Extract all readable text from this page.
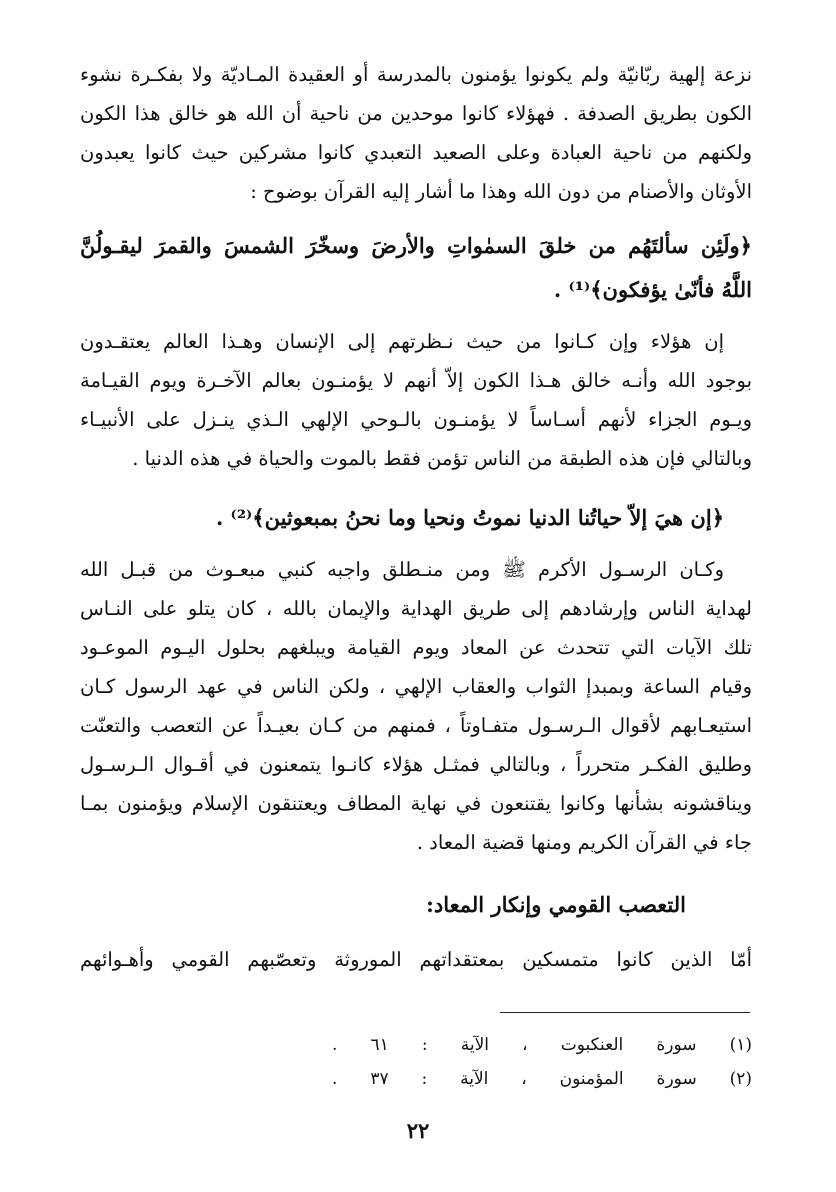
نزعة إلهية ربّانيّة ولم يكونوا يؤمنون بالمدرسة أو العقيدة المـاديّة ولا بفكـرة نشوء
الكون بطريق الصدفة . فهؤلاء كانوا موحدين من ناحية أن الله هو خالق هذا الكون
ولكنهم من ناحية العبادة وعلى الصعيد التعبدي كانوا مشركين حيث كانوا يعبدون
الأوثان والأصنام من دون الله وهذا ما أشار إليه القرآن بوضوح :
﴿ولَئِن سألتَهُم من خلقَ السمٰواتِ والأرضَ وسخّرَ الشمسَ والقمرَ ليقـولُنَّ
اللَّهُ فأنّىٰ يؤفكون﴾⁽¹⁾ .
إن هؤلاء وإن كـانوا من حيث نـظرتهم إلى الإنسان وهـذا العالم يعتقـدون
بوجود الله وأنـه خالق هـذا الكون إلاّ أنهم لا يؤمنـون بعالم الآخـرة ويوم القيـامة
ويـوم الجزاء لأنهم أسـاساً لا يؤمنـون بالـوحي الإلهي الـذي ينـزل على الأنبيـاء
وبالتالي فإن هذه الطبقة من الناس تؤمن فقط بالموت والحياة في هذه الدنيا .
﴿إن هيَ إلاّ حياتُنا الدنيا نموتُ ونحيا وما نحنُ بمبعوثين﴾⁽²⁾ .
وكـان الرسـول الأكرم ﷺ ومن منـطلق واجبه كنبي مبعـوث من قبـل الله
لهداية الناس وإرشادهم إلى طريق الهداية والإيمان بالله ، كان يتلو على النـاس
تلك الآيات التي تتحدث عن المعاد ويوم القيامة ويبلغهم بحلول اليـوم الموعـود
وقيام الساعة وبمبدإ الثواب والعقاب الإلهي ، ولكن الناس في عهد الرسول كـان
استيعـابهم لأقوال الـرسـول متفـاوتاً ، فمنهم من كـان بعيـداً عن التعصب والتعنّت
وطليق الفكـر متحرراً ، وبالتالي فمثـل هؤلاء كانـوا يتمعنون في أقـوال الـرسـول
ويناقشونه بشأنها وكانوا يقتنعون في نهاية المطاف ويعتنقون الإسلام ويؤمنون بمـا
جاء في القرآن الكريم ومنها قضية المعاد .
التعصب القومي وإنكار المعاد:
أمّا الذين كانوا متمسكين بمعتقداتهم الموروثة وتعصّبهم القومي وأهـوائهم
(١) سورة العنكبوت ، الآية : ٦١ .
(٢) سورة المؤمنون ، الآية : ٣٧ .
٢٢
